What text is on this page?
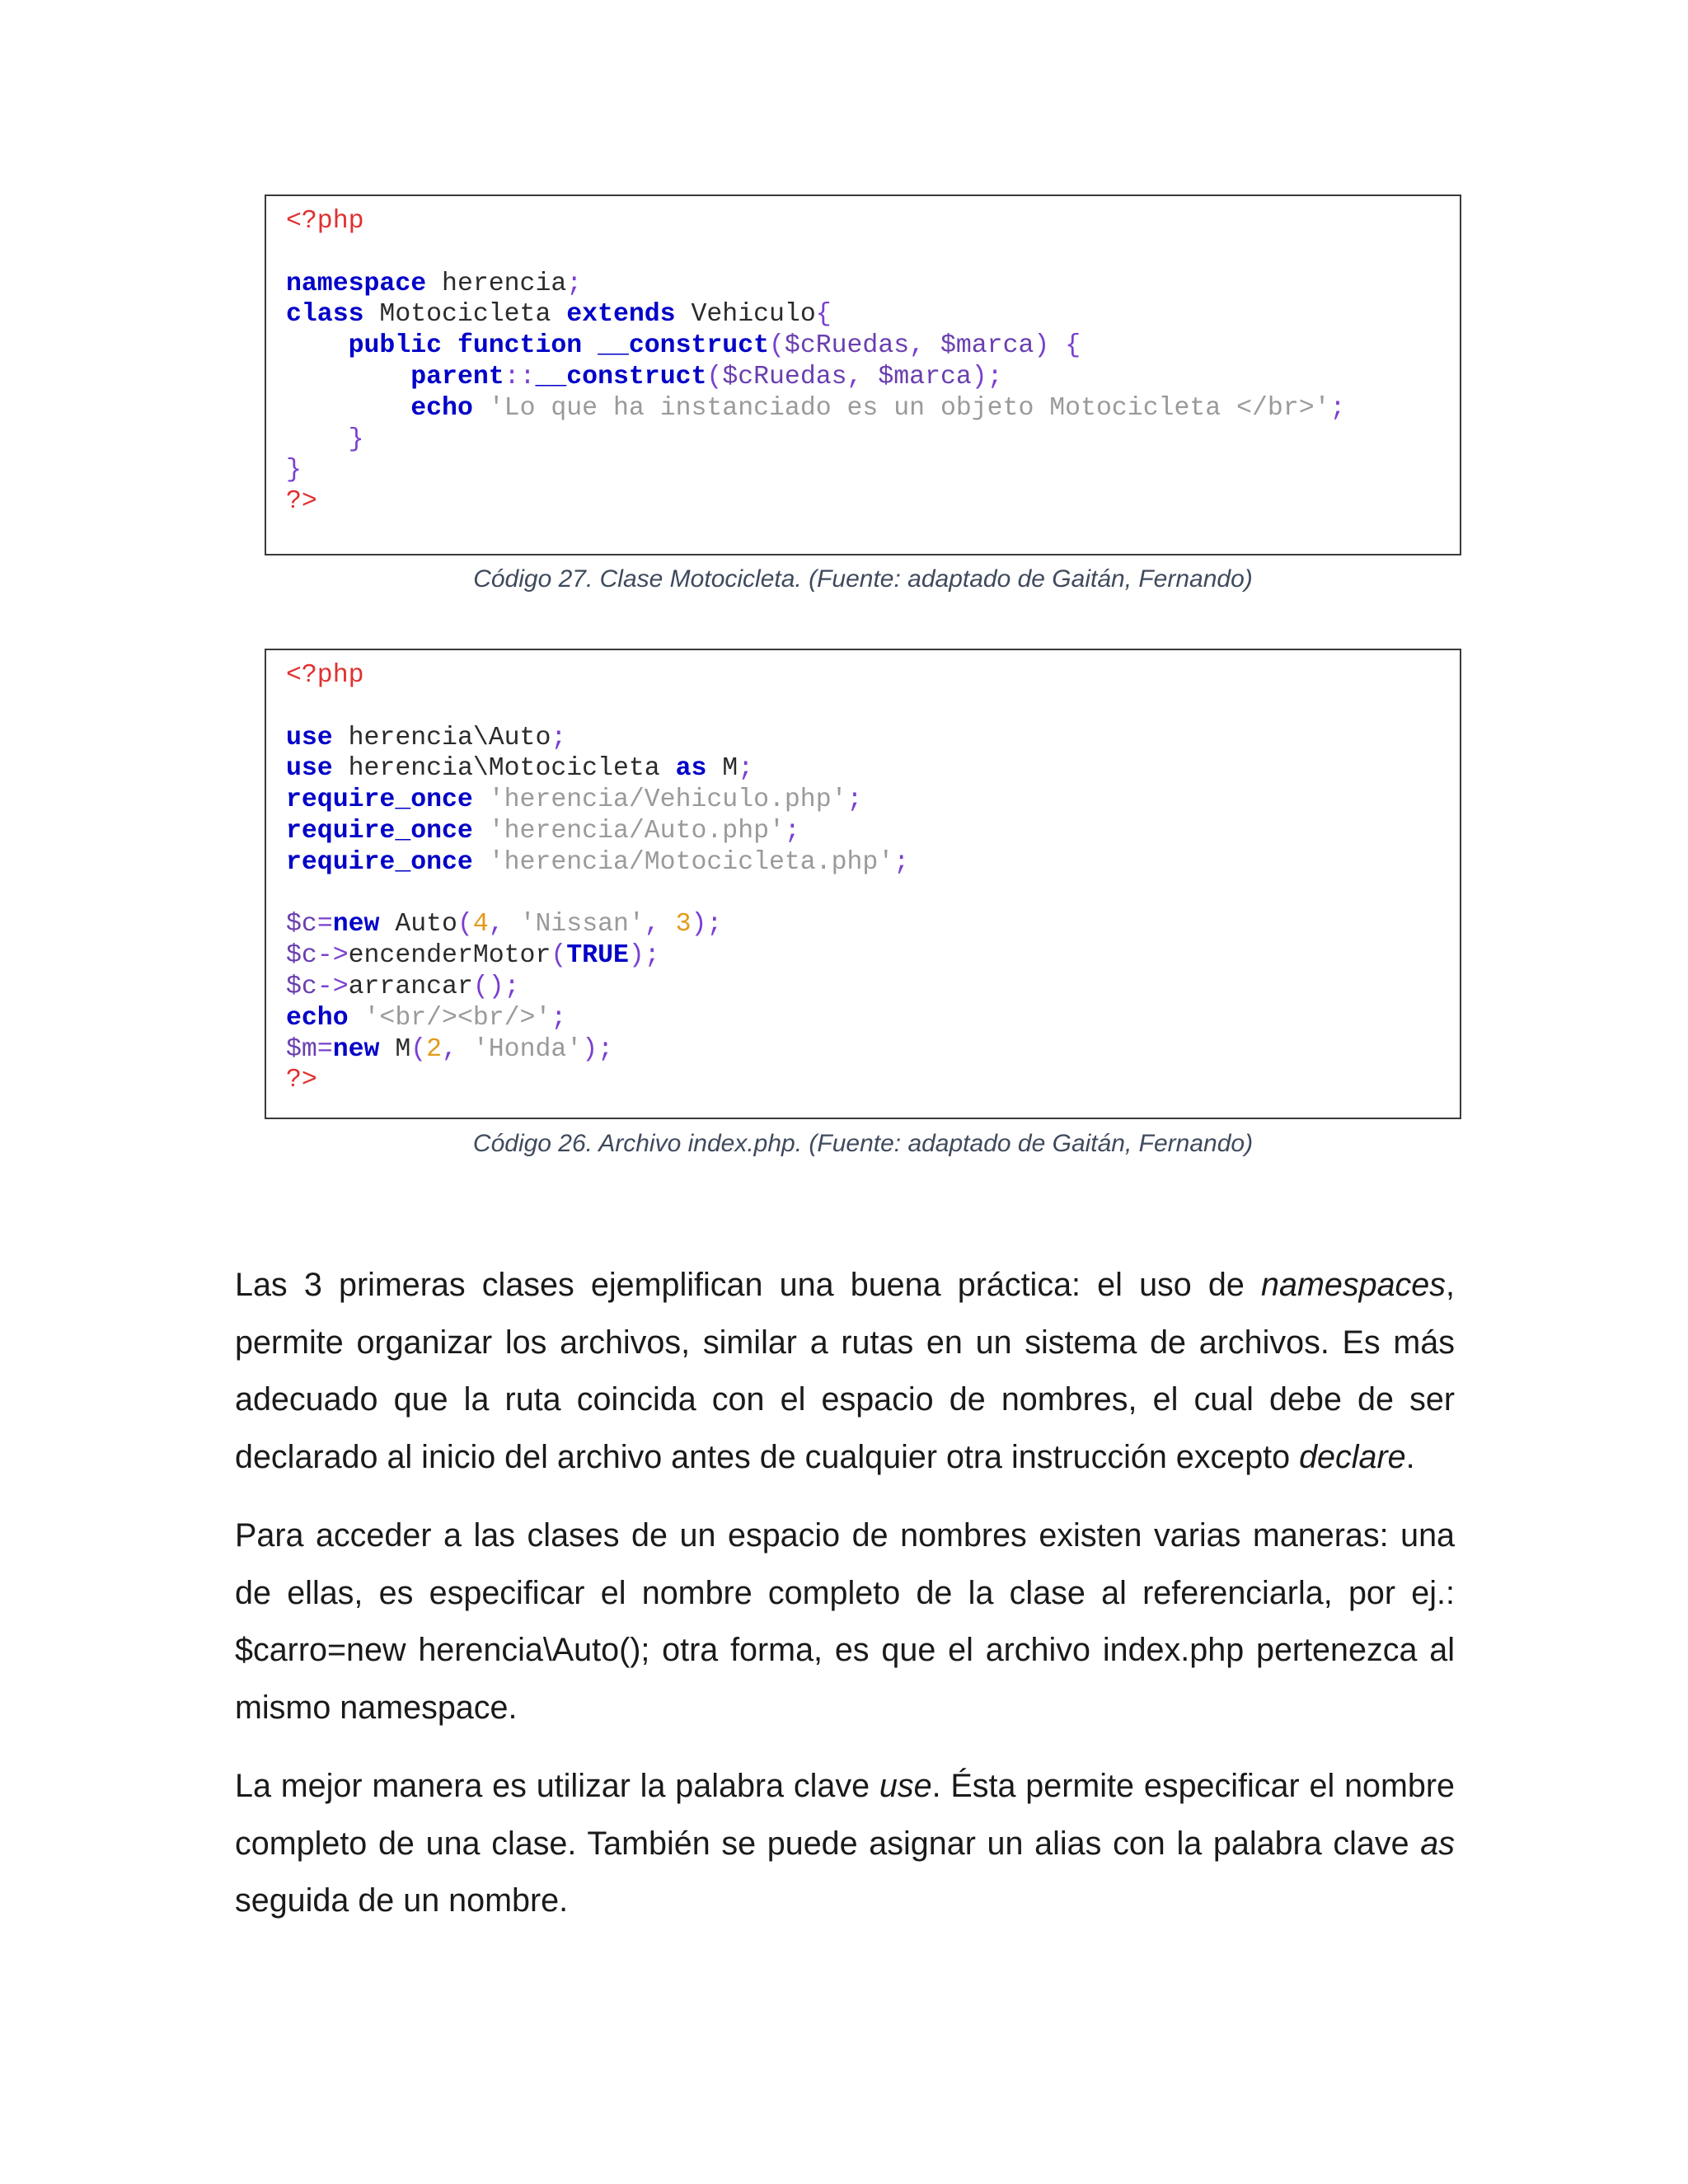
<?php
namespace herencia;
class Motocicleta extends Vehiculo{
public function __construct($cRuedas, $marca) {
parent::__construct($cRuedas, $marca);
echo 'Lo que ha instanciado es un objeto Motocicleta </br>';
}
}
?>
Código 27. Clase Motocicleta. (Fuente: adaptado de Gaitán, Fernando)
<?php
use herencia\Auto;
use herencia\Motocicleta as M;
require_once 'herencia/Vehiculo.php';
require_once 'herencia/Auto.php';
require_once 'herencia/Motocicleta.php';
$c=new Auto(4, 'Nissan', 3);
$c->encenderMotor(TRUE);
$c->arrancar();
echo '<br/><br/>';
$m=new M(2, 'Honda');
?>
Código 26. Archivo index.php. (Fuente: adaptado de Gaitán, Fernando)

Las 3 primeras clases ejemplifican una buena práctica: el uso de namespaces, permite organizar los archivos, similar a rutas en un sistema de archivos. Es más adecuado que la ruta coincida con el espacio de nombres, el cual debe de ser declarado al inicio del archivo antes de cualquier otra instrucción excepto declare.

Para acceder a las clases de un espacio de nombres existen varias maneras: una de ellas, es especificar el nombre completo de la clase al referenciarla, por ej.: $carro=new herencia\Auto(); otra forma, es que el archivo index.php pertenezca al mismo namespace.

La mejor manera es utilizar la palabra clave use. Ésta permite especificar el nombre completo de una clase. También se puede asignar un alias con la palabra clave as seguida de un nombre.
